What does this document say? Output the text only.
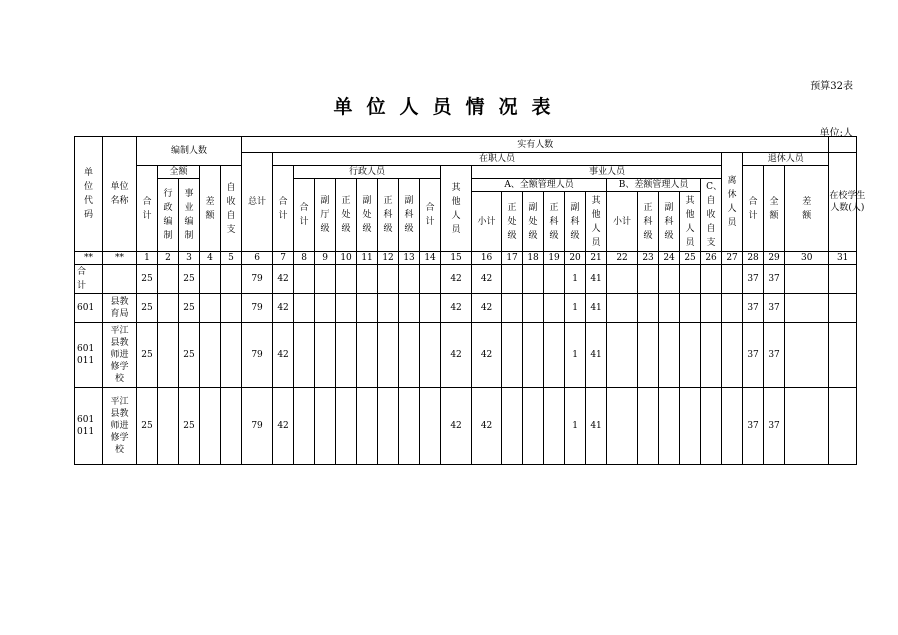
预算32表
单位人员情况表
单位:人
单位代码	单位名称	编制人数					实有人数																									
							总计	在职人员																				离休人员	退休人员			在校学生人数(人)
		合计	全额		差额	自收自支		合计	行政人员							其他人员	事业人员												合计	全额	差额	
			行政编制	事业编制					合计	副厅级	正处级	副处级	正科级	副科级	合计		A、全额管理人员						B、差额管理人员				C、自收自支					
																	小计	正处级	副处级	正科级	副科级	其他人员	小计	正科级	副科级	其他人员						
**	**	1	2	3	4	5	6	7	8	9	10	11	12	13	14	15	16	17	18	19	20	21	22	23	24	25	26	27	28	29	30	31
合计		25		25			79	42								42	42				1	41							37	37		
601	县教育局	25		25			79	42								42	42				1	41							37	37		
601 011	平江县教师进修学校	25		25			79	42								42	42				1	41							37	37		
601 011	平江县教师进修学校	25		25			79	42								42	42				1	41							37	37		
